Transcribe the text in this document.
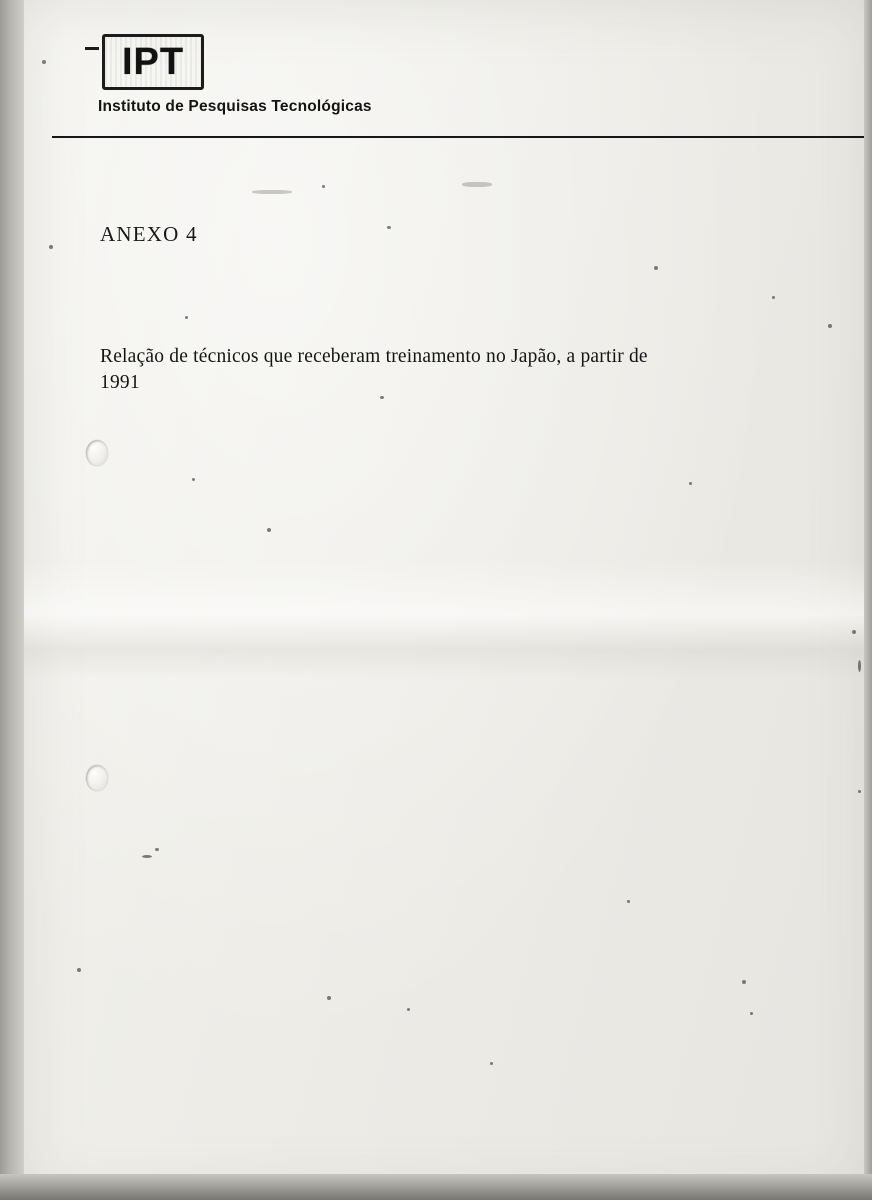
IPT
Instituto de Pesquisas Tecnológicas
ANEXO 4
Relação de técnicos que receberam treinamento no Japão, a partir de
1991
